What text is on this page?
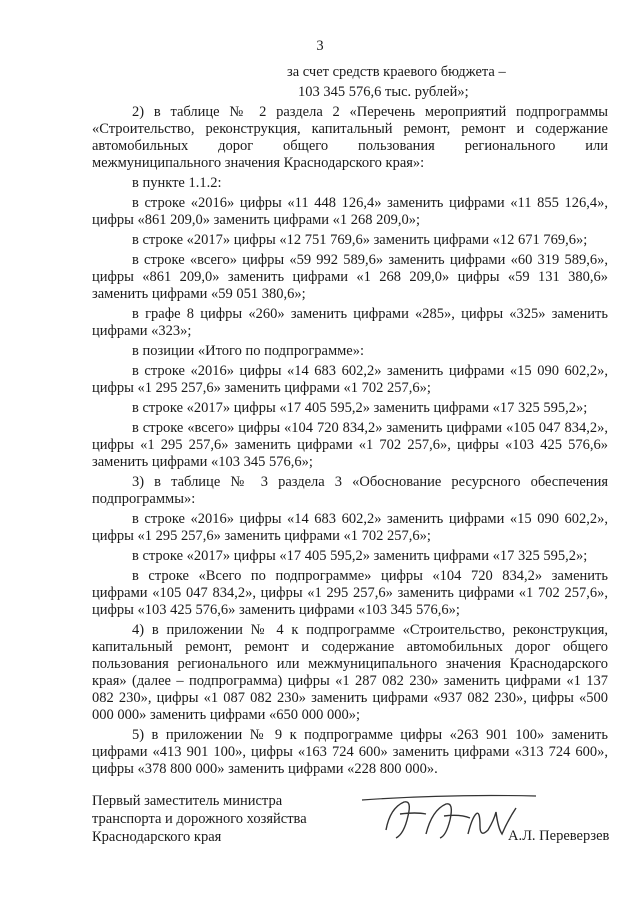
3

за счет средств краевого бюджета –

103 345 576,6 тыс. рублей»;

2) в таблице № 2 раздела 2 «Перечень мероприятий подпрограммы «Строительство, реконструкция, капитальный ремонт, ремонт и содержание автомобильных дорог общего пользования регионального или межмуниципального значения Краснодарского края»:

в пункте 1.1.2:

в строке «2016» цифры «11 448 126,4» заменить цифрами «11 855 126,4», цифры «861 209,0» заменить цифрами «1 268 209,0»;

в строке «2017» цифры «12 751 769,6» заменить цифрами «12 671 769,6»;

в строке «всего» цифры «59 992 589,6» заменить цифрами «60 319 589,6», цифры «861 209,0» заменить цифрами «1 268 209,0» цифры «59 131 380,6» заменить цифрами «59 051 380,6»;

в графе 8 цифры «260» заменить цифрами «285», цифры «325» заменить цифрами «323»;

в позиции «Итого по подпрограмме»:

в строке «2016» цифры «14 683 602,2» заменить цифрами «15 090 602,2», цифры «1 295 257,6» заменить цифрами «1 702 257,6»;

в строке «2017» цифры «17 405 595,2» заменить цифрами «17 325 595,2»;

в строке «всего» цифры «104 720 834,2» заменить цифрами «105 047 834,2», цифры «1 295 257,6» заменить цифрами «1 702 257,6», цифры «103 425 576,6» заменить цифрами «103 345 576,6»;

3) в таблице № 3 раздела 3 «Обоснование ресурсного обеспечения подпрограммы»:

в строке «2016» цифры «14 683 602,2» заменить цифрами «15 090 602,2», цифры «1 295 257,6» заменить цифрами «1 702 257,6»;

в строке «2017» цифры «17 405 595,2» заменить цифрами «17 325 595,2»;

в строке «Всего по подпрограмме» цифры «104 720 834,2» заменить цифрами «105 047 834,2», цифры «1 295 257,6» заменить цифрами «1 702 257,6», цифры «103 425 576,6» заменить цифрами «103 345 576,6»;

4) в приложении № 4 к подпрограмме «Строительство, реконструкция, капитальный ремонт, ремонт и содержание автомобильных дорог общего пользования регионального или межмуниципального значения Краснодарского края» (далее – подпрограмма) цифры «1 287 082 230» заменить цифрами «1 137 082 230», цифры «1 087 082 230» заменить цифрами «937 082 230», цифры «500 000 000» заменить цифрами «650 000 000»;

5) в приложении № 9 к подпрограмме цифры «263 901 100» заменить цифрами «413 901 100», цифры «163 724 600» заменить цифрами «313 724 600», цифры «378 800 000» заменить цифрами «228 800 000».

Первый заместитель министра
транспорта и дорожного хозяйства
Краснодарского края	А.Л. Переверзев
